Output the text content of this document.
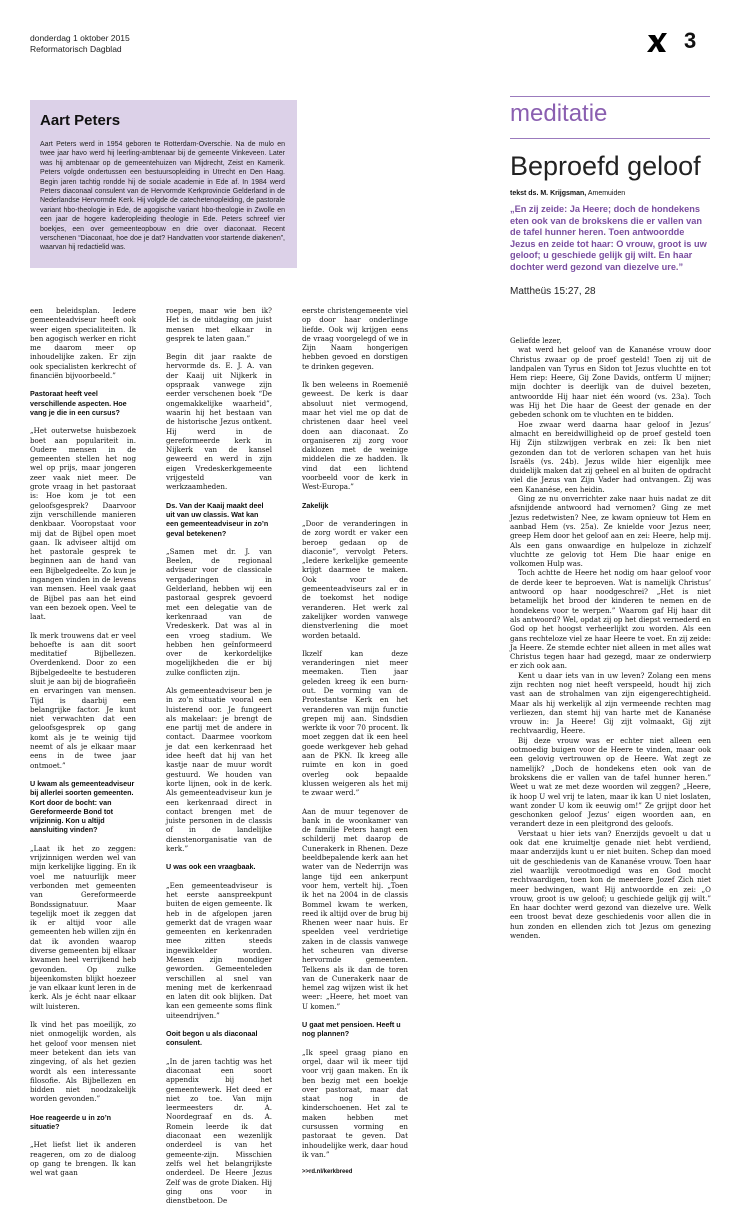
donderdag 1 oktober 2015
Reformatorisch Dagblad	3
Aart Peters

Aart Peters werd in 1954 geboren te Rotterdam-Overschie. Na de mulo en twee jaar havo werd hij leerling-ambtenaar bij de gemeente Vinkeveen. Later was hij ambtenaar op de gemeentehuizen van Mijdrecht, Zeist en Kamerik. Peters volgde ondertussen een bestuursopleiding in Utrecht en Den Haag. Begin jaren tachtig rondde hij de sociale academie in Ede af. In 1984 werd Peters diaconaal consulent van de Hervormde Kerkprovincie Gelderland in de Nederlandse Hervormde Kerk. Hij volgde de catechetenopleiding, de pastorale variant hbo-theologie in Ede, de agogische variant hbo-theologie in Zwolle en een jaar de hogere kaderopleiding theologie in Ede. Peters schreef vier boekjes, een over gemeenteopbouw en drie over diaconaat. Recent verschenen “Diaconaat, hoe doe je dat? Handvatten voor startende diakenen”, waarvan hij redactielid was.

meditatie
Beproefd geloof
tekst ds. M. Krijgsman, Amemuiden
„En zij zeide: Ja Heere; doch de hondekens eten ook van de brokskens die er vallen van de tafel hunner heren. Toen antwoordde Jezus en zeide tot haar: O vrouw, groot is uw geloof; u geschiede gelijk gij wilt. En haar dochter werd gezond van diezelve ure.”
Mattheüs 15:27, 28

een beleidsplan. Iedere gemeenteadviseur heeft ook weer eigen specialiteiten. Ik ben agogisch werker en richt me daarom meer op inhoudelijke zaken. Er zijn ook specialisten kerkrecht of financiën bijvoorbeeld.”

Pastoraat heeft veel verschillende aspecten. Hoe vang je die in een cursus?

„Het outerwetse huisbezoek boet aan populariteit in. Oudere mensen in de gemeenten stellen het nog wel op prijs, maar jongeren zeer vaak niet meer. De grote vraag in het pastoraat is: Hoe kom je tot een geloofsgesprek? Daarvoor zijn verschillende manieren denkbaar. Vooropstaat voor mij dat de Bijbel open moet gaan. Ik adviseer altijd om het pastorale gesprek te beginnen aan de hand van een Bijbelgedeelte. Zo kun je ingangen vinden in de levens van mensen. Heel vaak gaat de Bijbel pas aan het eind van een bezoek open. Veel te laat.

Ik merk trouwens dat er veel behoefte is aan dit soort meditatief Bijbellezen. Overdenkend. Door zo een Bijbelgedeelte te bestuderen sluit je aan bij de biografieën en ervaringen van mensen. Tijd is daarbij een belangrijke factor. Je kunt niet verwachten dat een geloofsgesprek op gang komt als je te weinig tijd neemt of als je elkaar maar eens in de twee jaar ontmoet.”

U kwam als gemeenteadviseur bij allerlei soorten gemeenten. Kort door de bocht: van Gereformeerde Bond tot vrijzinnig. Kon u altijd aansluiting vinden?

„Laat ik het zo zeggen: vrijzinnigen werden wel van mijn kerkelijke ligging. En ik voel me natuurlijk meer verbonden met gemeenten van Gereformeerde Bondssignatuur. Maar tegelijk moet ik zeggen dat ik er altijd voor alle gemeenten heb willen zijn én dat ik avonden waarop diverse gemeenten bij elkaar kwamen heel verrijkend heb gevonden. Op zulke bijeenkomsten blijkt hoezeer je van elkaar kunt leren in de kerk. Als je écht naar elkaar wilt luisteren.

Ik vind het pas moeilijk, zo niet onmogelijk worden, als het geloof voor mensen niet meer betekent dan iets van zingeving, of als het gezien wordt als een interessante filosofie. Als Bijbellezen en bidden niet noodzakelijk worden gevonden.”

Hoe reageerde u in zo’n situatie?

„Het liefst liet ik anderen reageren, om zo de dialoog op gang te brengen. Ik kan wel wat gaan

roepen, maar wie ben ik? Het is de uitdaging om juist mensen met elkaar in gesprek te laten gaan.”

Begin dit jaar raakte de hervormde ds. E. J. A. van der Kaaij uit Nijkerk in opspraak vanwege zijn eerder verschenen boek “De ongemakkelijke waarheid”, waarin hij het bestaan van de historische Jezus ontkent. Hij werd in de gereformeerde kerk in Nijkerk van de kansel geweerd en werd in zijn eigen Vredeskerkgemeente vrijgesteld van werkzaamheden.

Ds. Van der Kaaij maakt deel uit van uw classis. Wat kan een gemeenteadviseur in zo’n geval betekenen?

„Samen met dr. J. van Beelen, de regionaal adviseur voor de classicale vergaderingen in Gelderland, hebben wij een pastoraal gesprek gevoerd met een delegatie van de kerkenraad van de Vredeskerk. Dat was al in een vroeg stadium. We hebben hen geïnformeerd over de kerkordelijke mogelijkheden die er bij zulke conflicten zijn.

Als gemeenteadviseur ben je in zo’n situatie vooral een luisterend oor. Je fungeert als makelaar: je brengt de ene partij met de andere in contact. Daarmee voorkom je dat een kerkenraad het idee heeft dat hij van het kastje naar de muur wordt gestuurd. We houden van korte lijnen, ook in de kerk. Als gemeenteadviseur kun je een kerkenraad direct in contact brengen met de juiste personen in de classis of in de landelijke dienstenorganisatie van de kerk.”

U was ook een vraagbaak.

„Een gemeenteadviseur is het eerste aanspreekpunt buiten de eigen gemeente. Ik heb in de afgelopen jaren gemerkt dat de vragen waar gemeenten en kerkenraden mee zitten steeds ingewikkelder worden. Mensen zijn mondiger geworden. Gemeenteleden verschillen al snel van mening met de kerkenraad en laten dit ook blijken. Dat kan een gemeente soms flink uiteendrijven.”

Ooit begon u als diaconaal consulent.

„In de jaren tachtig was het diaconaat een soort appendix bij het gemeentewerk. Het deed er niet zo toe. Van mijn leermeesters dr. A. Noordegraaf en ds. A. Romein leerde ik dat diaconaat een wezenlijk onderdeel is van het gemeente-zijn. Misschien zelfs wel het belangrijkste onderdeel. De Heere Jezus Zelf was de grote Diaken. Hij ging ons voor in dienstbetoon. De

eerste christengemeente viel op door haar onderlinge liefde. Ook wij krijgen eens de vraag voorgelegd of we in Zijn Naam hongerigen hebben gevoed en dorstigen te drinken gegeven.

Ik ben weleens in Roemenië geweest. De kerk is daar absoluut niet vermogend, maar het viel me op dat de christenen daar heel veel doen aan diaconaat. Zo organiseren zij zorg voor daklozen met de weinige middelen die ze hadden. Ik vind dat een lichtend voorbeeld voor de kerk in West-Europa.”

Zakelijk

„Door de veranderingen in de zorg wordt er vaker een beroep gedaan op de diaconie”, vervolgt Peters. „Iedere kerkelijke gemeente krijgt daarmee te maken. Ook voor de gemeenteadviseurs zal er in de toekomst het nodige veranderen. Het werk zal zakelijker worden vanwege dienstverlening die moet worden betaald.

Ikzelf kan deze veranderingen niet meer meemaken. Tien jaar geleden kreeg ik een burn-out. De vorming van de Protestantse Kerk en het veranderen van mijn functie grepen mij aan. Sindsdien werkte ik voor 70 procent. Ik moet zeggen dat ik een heel goede werkgever heb gehad aan de PKN. Ik kreeg alle ruimte en kon in goed overleg ook bepaalde klussen weigeren als het mij te zwaar werd.”

Aan de muur tegenover de bank in de woonkamer van de familie Peters hangt een schilderij met daarop de Cunerakerk in Rhenen. Deze beeldbepalende kerk aan het water van de Nederrijn was lange tijd een ankerpunt voor hem, vertelt hij. „Toen ik het na 2004 in de classis Bommel kwam te werken, reed ik altijd over de brug bij Rhenen weer naar huis. Er speelden veel verdrietige zaken in de classis vanwege het scheuren van diverse hervormde gemeenten. Telkens als ik dan de toren van de Cunerakerk naar de hemel zag wijzen wist ik het weer: „Heere, het moet van U komen.”

U gaat met pensioen. Heeft u nog plannen?

„Ik speel graag piano en orgel, daar wil ik meer tijd voor vrij gaan maken. En ik ben bezig met een boekje over pastoraat, maar dat staat nog in de kinderschoenen. Het zal te maken hebben met cursussen vorming en pastoraat te geven. Dat inhoudelijke werk, daar houd ik van.”

>>rd.nl/kerkbreed

Geliefde lezer,

wat werd het geloof van de Kananése vrouw door Christus zwaar op de proef gesteld! Toen zij uit de landpalen van Tyrus en Sidon tot Jezus vluchtte en tot Hem riep: Heere, Gij Zone Davids, ontferm U mijner; mijn dochter is deerlijk van de duivel bezeten, antwoordde Hij haar niet één woord (vs. 23a). Toch was Hij het Die haar de Geest der genade en der gebeden schonk om te vluchten en te bidden.

Hoe zwaar werd daarna haar geloof in Jezus’ almacht en bereidwilligheid op de proef gesteld toen Hij Zijn stilzwijgen verbrak en zei: Ik ben niet gezonden dan tot de verloren schapen van het huis Israëls (vs. 24b). Jezus wilde hier eigenlijk mee duidelijk maken dat zij geheel en al buiten de opdracht viel die Jezus van Zijn Vader had ontvangen. Zij was een Kananése, een heidin.

Ging ze nu onverrichter zake naar huis nadat ze dit afsnijdende antwoord had vernomen? Ging ze met Jezus redetwisten? Nee, ze kwam opnieuw tot Hem en aanbad Hem (vs. 25a). Ze knielde voor Jezus neer, greep Hem door het geloof aan en zei: Heere, help mij. Als een gans onwaardige en hulpeloze in zichzelf vluchtte ze gelovig tot Hem Die haar enige en volkomen Hulp was.

Toch achtte de Heere het nodig om haar geloof voor de derde keer te beproeven. Wat is namelijk Christus’ antwoord op haar noodgeschrei? „Het is niet betamelijk het brood der kinderen te nemen en de hondekens voor te werpen.” Waarom gaf Hij haar dit als antwoord? Wel, opdat zij op het diepst vernederd en God op het hoogst verheerlijkt zou worden. Als een gans rechteloze viel ze haar Heere te voet. En zij zeide: Ja Heere. Ze stemde echter niet alleen in met alles wat Christus tegen haar had gezegd, maar ze onderwierp er zich ook aan.

Kent u daar iets van in uw leven? Zolang een mens zijn rechten nog niet heeft verspeeld, houdt hij zich vast aan de strohalmen van zijn eigengerechtigheid. Maar als hij werkelijk al zijn vermeende rechten mag verliezen, dan stemt hij van harte met de Kananése vrouw in: Ja Heere! Gij zijt volmaakt, Gij zijt rechtvaardig, Heere.

Bij deze vrouw was er echter niet alleen een ootmoedig buigen voor de Heere te vinden, maar ook een gelovig vertrouwen op de Heere. Wat zegt ze namelijk? „Doch de hondekens eten ook van de brokskens die er vallen van de tafel hunner heren.” Weet u wat ze met deze woorden wil zeggen? „Heere, ik hoop U wel vrij te laten, maar ik kan U niet loslaten, want zonder U kom ik eeuwig om!” Ze grijpt door het geschonken geloof Jezus’ eigen woorden aan, en verandert deze in een pleitgrond des geloofs.

Verstaat u hier iets van? Enerzijds gevoelt u dat u ook dat ene kruimeltje genade niet hebt verdiend, maar anderzijds kunt u er niet buiten. Schep dan moed uit de geschiedenis van de Kananése vrouw. Toen haar ziel waarlijk verootmoedigd was en God mocht rechtvaardigen, toen kon de meerdere Jozef Zich niet meer bedwingen, want Hij antwoordde en zei: „O vrouw, groot is uw geloof; u geschiede gelijk gij wilt.” En haar dochter werd gezond van diezelve ure. Welk een troost bevat deze geschiedenis voor allen die in hun zonden en ellenden zich tot Jezus om genezing wenden.
